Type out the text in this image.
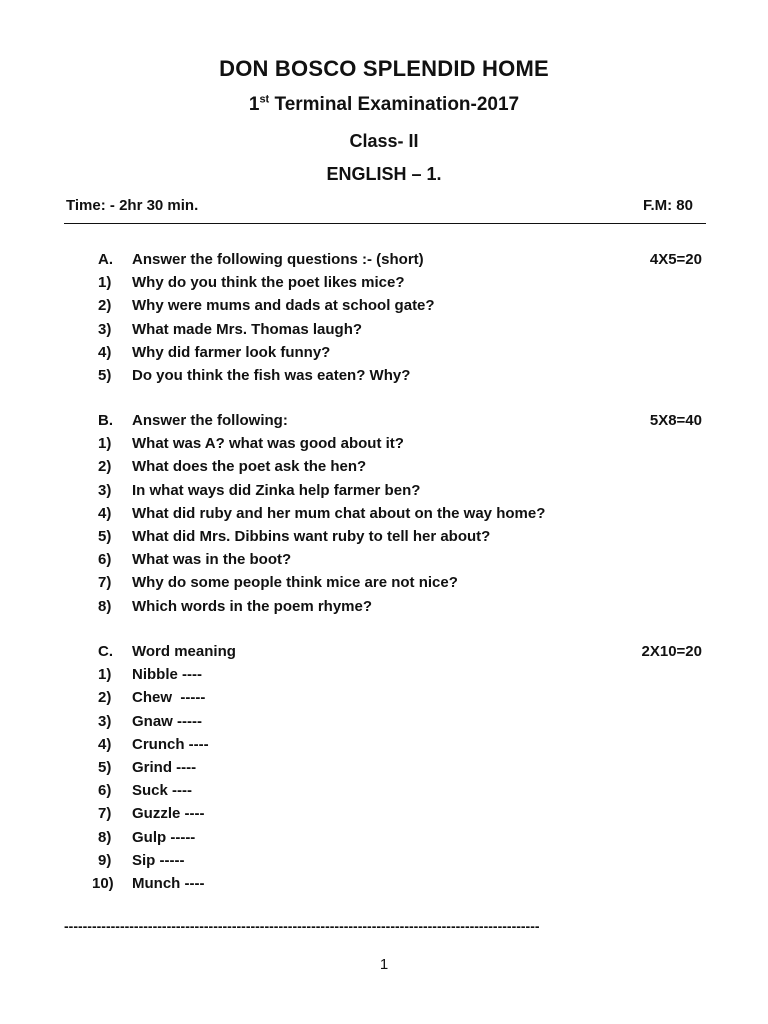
DON BOSCO SPLENDID HOME
1st Terminal Examination-2017
Class- II
ENGLISH – 1.
Time: - 2hr 30 min.	F.M: 80
A. Answer the following questions :- (short)	4X5=20
1) Why do you think the poet likes mice?
2) Why were mums and dads at school gate?
3) What made Mrs. Thomas laugh?
4) Why did farmer look funny?
5) Do you think the fish was eaten? Why?
B. Answer the following:	5X8=40
1) What was A? what was good about it?
2) What does the poet ask the hen?
3) In what ways did Zinka help farmer ben?
4) What did ruby and her mum chat about on the way home?
5) What did Mrs. Dibbins want ruby to tell her about?
6) What was in the boot?
7) Why do some people think mice are not nice?
8) Which words in the poem rhyme?
C. Word meaning	2X10=20
1) Nibble ----
2) Chew  -----
3) Gnaw -----
4) Crunch ----
5) Grind ----
6) Suck ----
7) Guzzle ----
8) Gulp -----
9) Sip -----
10) Munch ----
------------------------------------------------------------------------------------------------------
1
